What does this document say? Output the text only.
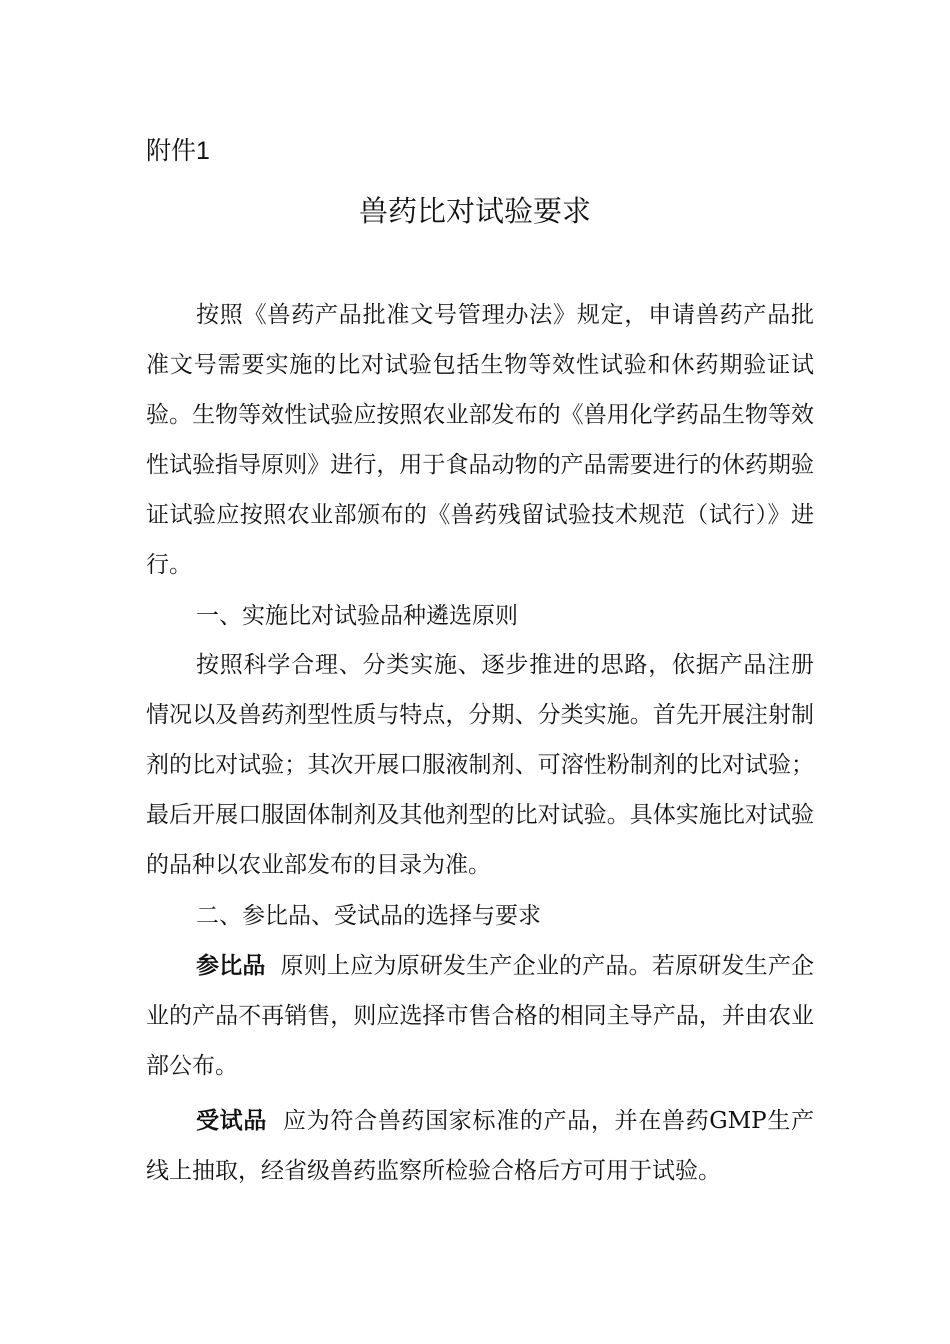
附件1
兽药比对试验要求

按照《兽药产品批准文号管理办法》规定，申请兽药产品批准文号需要实施的比对试验包括生物等效性试验和休药期验证试验。生物等效性试验应按照农业部发布的《兽用化学药品生物等效性试验指导原则》进行，用于食品动物的产品需要进行的休药期验证试验应按照农业部颁布的《兽药残留试验技术规范（试行）》进行。

一、实施比对试验品种遴选原则

按照科学合理、分类实施、逐步推进的思路，依据产品注册情况以及兽药剂型性质与特点，分期、分类实施。首先开展注射制剂的比对试验；其次开展口服液制剂、可溶性粉制剂的比对试验；最后开展口服固体制剂及其他剂型的比对试验。具体实施比对试验的品种以农业部发布的目录为准。

二、参比品、受试品的选择与要求

参比品 原则上应为原研发生产企业的产品。若原研发生产企业的产品不再销售，则应选择市售合格的相同主导产品，并由农业部公布。

受试品 应为符合兽药国家标准的产品，并在兽药GMP生产线上抽取，经省级兽药监察所检验合格后方可用于试验。
